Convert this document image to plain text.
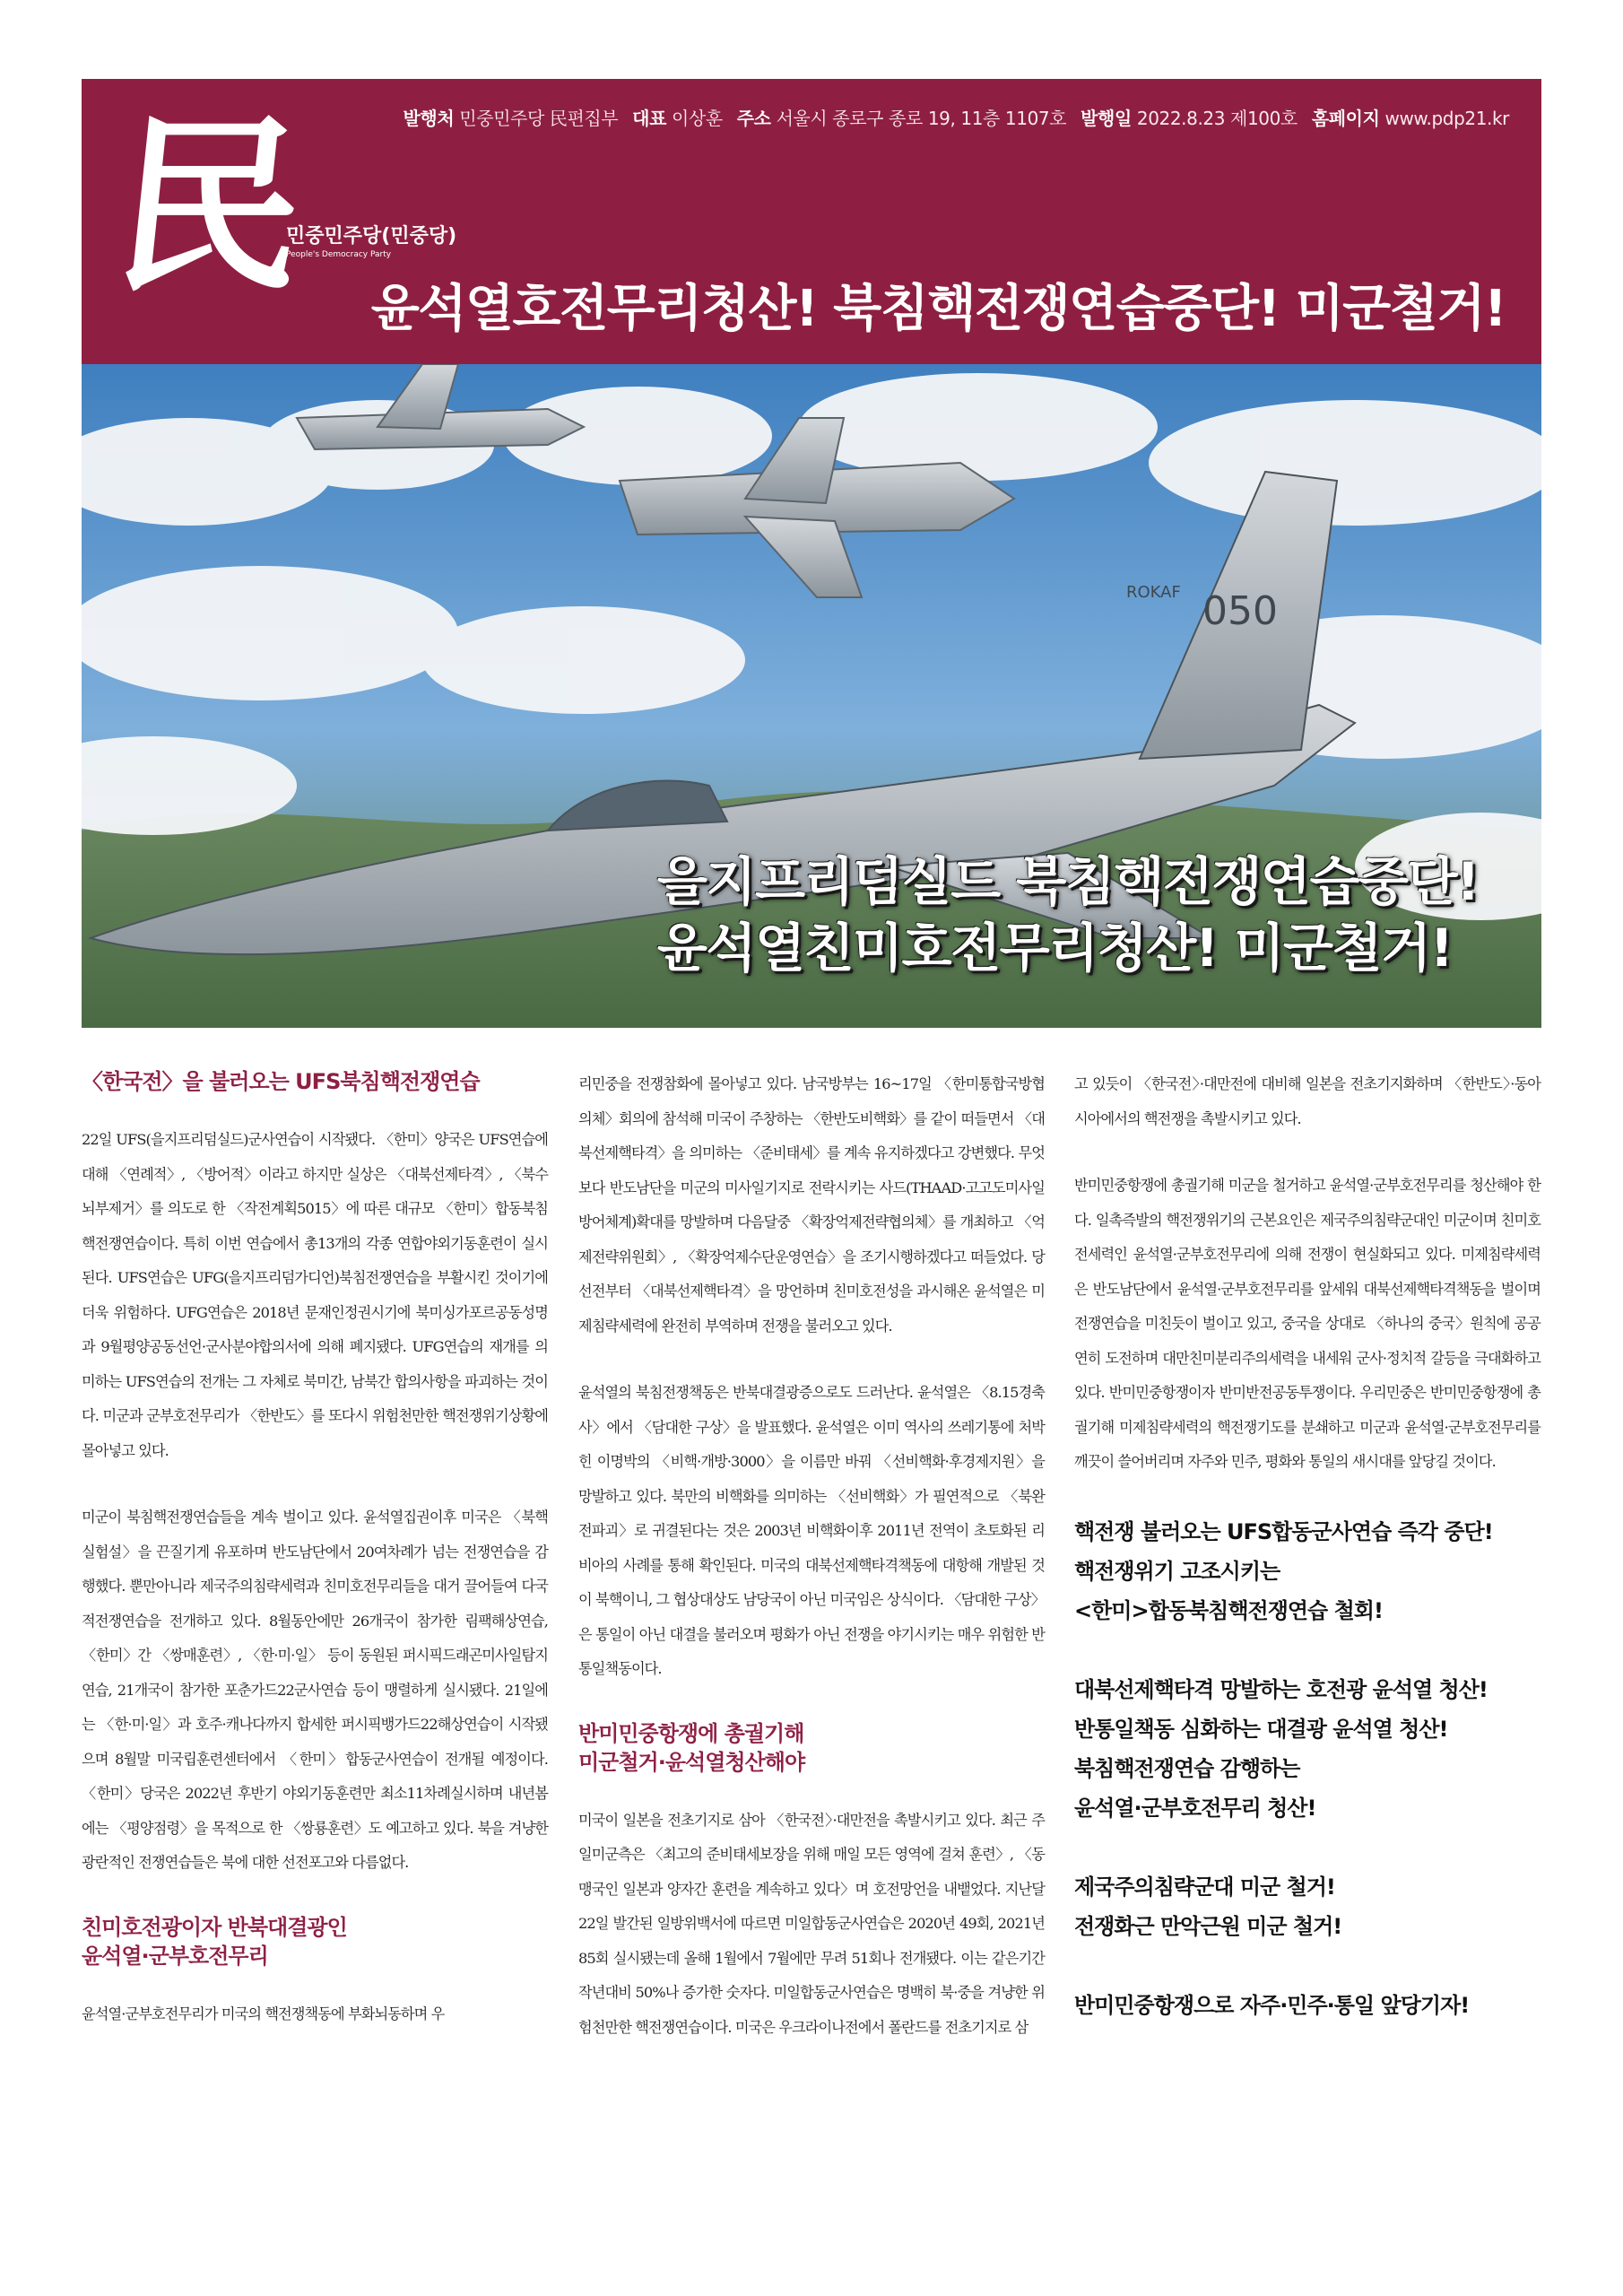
발행처 민중민주당 民편집부 대표 이상훈 주소 서울시 종로구 종로 19, 11층 1107호 발행일 2022.8.23 제100호 홈페이지 www.pdp21.kr
民
민중민주당(민중당)
People's Democracy Party
윤석열호전무리청산! 북침핵전쟁연습중단! 미군철거!
050
ROKAF
을지프리덤실드 북침핵전쟁연습중단!
윤석열친미호전무리청산! 미군철거!
〈한국전〉을 불러오는 UFS북침핵전쟁연습

22일 UFS(을지프리덤실드)군사연습이 시작됐다. 〈한미〉양국은 UFS연습에 대해 〈연례적〉, 〈방어적〉이라고 하지만 실상은 〈대북선제타격〉, 〈북수뇌부제거〉를 의도로 한 〈작전계획5015〉에 따른 대규모 〈한미〉합동북침핵전쟁연습이다. 특히 이번 연습에서 총13개의 각종 연합야외기동훈련이 실시된다. UFS연습은 UFG(을지프리덤가디언)북침전쟁연습을 부활시킨 것이기에 더욱 위험하다. UFG연습은 2018년 문재인정권시기에 북미싱가포르공동성명과 9월평양공동선언·군사분야합의서에 의해 폐지됐다. UFG연습의 재개를 의미하는 UFS연습의 전개는 그 자체로 북미간, 남북간 합의사항을 파괴하는 것이다. 미군과 군부호전무리가 〈한반도〉를 또다시 위험천만한 핵전쟁위기상황에 몰아넣고 있다.

미군이 북침핵전쟁연습들을 계속 벌이고 있다. 윤석열집권이후 미국은 〈북핵실험설〉을 끈질기게 유포하며 반도남단에서 20여차례가 넘는 전쟁연습을 감행했다. 뿐만아니라 제국주의침략세력과 친미호전무리들을 대거 끌어들여 다국적전쟁연습을 전개하고 있다. 8월동안에만 26개국이 참가한 림팩해상연습, 〈한미〉간 〈쌍매훈련〉, 〈한·미·일〉 등이 동원된 퍼시픽드래곤미사일탐지연습, 21개국이 참가한 포춘가드22군사연습 등이 맹렬하게 실시됐다. 21일에는 〈한·미·일〉과 호주·캐나다까지 합세한 퍼시픽뱅가드22해상연습이 시작됐으며 8월말 미국립훈련센터에서 〈한미〉합동군사연습이 전개될 예정이다. 〈한미〉당국은 2022년 후반기 야외기동훈련만 최소11차례실시하며 내년봄에는 〈평양점령〉을 목적으로 한 〈쌍룡훈련〉도 예고하고 있다. 북을 겨냥한 광란적인 전쟁연습들은 북에 대한 선전포고와 다름없다.

친미호전광이자 반북대결광인
윤석열·군부호전무리

윤석열·군부호전무리가 미국의 핵전쟁책동에 부화뇌동하며 우

리민중을 전쟁참화에 몰아넣고 있다. 남국방부는 16~17일 〈한미통합국방협의체〉회의에 참석해 미국이 주창하는 〈한반도비핵화〉를 같이 떠들면서 〈대북선제핵타격〉을 의미하는 〈준비태세〉를 계속 유지하겠다고 강변했다. 무엇보다 반도남단을 미군의 미사일기지로 전락시키는 사드(THAAD·고고도미사일방어체계)확대를 망발하며 다음달중 〈확장억제전략협의체〉를 개최하고 〈억제전략위원회〉, 〈확장억제수단운영연습〉을 조기시행하겠다고 떠들었다. 당선전부터 〈대북선제핵타격〉을 망언하며 친미호전성을 과시해온 윤석열은 미제침략세력에 완전히 부역하며 전쟁을 불러오고 있다.

윤석열의 북침전쟁책동은 반북대결광증으로도 드러난다. 윤석열은 〈8.15경축사〉에서 〈담대한 구상〉을 발표했다. 윤석열은 이미 역사의 쓰레기통에 처박힌 이명박의 〈비핵·개방·3000〉을 이름만 바꿔 〈선비핵화·후경제지원〉을 망발하고 있다. 북만의 비핵화를 의미하는 〈선비핵화〉가 필연적으로 〈북완전파괴〉로 귀결된다는 것은 2003년 비핵화이후 2011년 전역이 초토화된 리비아의 사례를 통해 확인된다. 미국의 대북선제핵타격책동에 대항해 개발된 것이 북핵이니, 그 협상대상도 남당국이 아닌 미국임은 상식이다. 〈담대한 구상〉은 통일이 아닌 대결을 불러오며 평화가 아닌 전쟁을 야기시키는 매우 위험한 반통일책동이다.

반미민중항쟁에 총궐기해
미군철거·윤석열청산해야

미국이 일본을 전초기지로 삼아 〈한국전〉·대만전을 촉발시키고 있다. 최근 주일미군측은 〈최고의 준비태세보장을 위해 매일 모든 영역에 걸쳐 훈련〉, 〈동맹국인 일본과 양자간 훈련을 계속하고 있다〉며 호전망언을 내뱉었다. 지난달 22일 발간된 일방위백서에 따르면 미일합동군사연습은 2020년 49회, 2021년 85회 실시됐는데 올해 1월에서 7월에만 무려 51회나 전개됐다. 이는 같은기간 작년대비 50%나 증가한 숫자다. 미일합동군사연습은 명백히 북·중을 겨냥한 위험천만한 핵전쟁연습이다. 미국은 우크라이나전에서 폴란드를 전초기지로 삼

고 있듯이 〈한국전〉·대만전에 대비해 일본을 전초기지화하며 〈한반도〉·동아시아에서의 핵전쟁을 촉발시키고 있다.

반미민중항쟁에 총궐기해 미군을 철거하고 윤석열·군부호전무리를 청산해야 한다. 일촉즉발의 핵전쟁위기의 근본요인은 제국주의침략군대인 미군이며 친미호전세력인 윤석열·군부호전무리에 의해 전쟁이 현실화되고 있다. 미제침략세력은 반도남단에서 윤석열·군부호전무리를 앞세워 대북선제핵타격책동을 벌이며 전쟁연습을 미친듯이 벌이고 있고, 중국을 상대로 〈하나의 중국〉원칙에 공공연히 도전하며 대만친미분리주의세력을 내세워 군사·정치적 갈등을 극대화하고 있다. 반미민중항쟁이자 반미반전공동투쟁이다. 우리민중은 반미민중항쟁에 총궐기해 미제침략세력의 핵전쟁기도를 분쇄하고 미군과 윤석열·군부호전무리를 깨끗이 쓸어버리며 자주와 민주, 평화와 통일의 새시대를 앞당길 것이다.

핵전쟁 불러오는 UFS합동군사연습 즉각 중단!
핵전쟁위기 고조시키는
<한미>합동북침핵전쟁연습 철회!
대북선제핵타격 망발하는 호전광 윤석열 청산!
반통일책동 심화하는 대결광 윤석열 청산!
북침핵전쟁연습 감행하는
윤석열·군부호전무리 청산!
제국주의침략군대 미군 철거!
전쟁화근 만악근원 미군 철거!
반미민중항쟁으로 자주·민주·통일 앞당기자!
